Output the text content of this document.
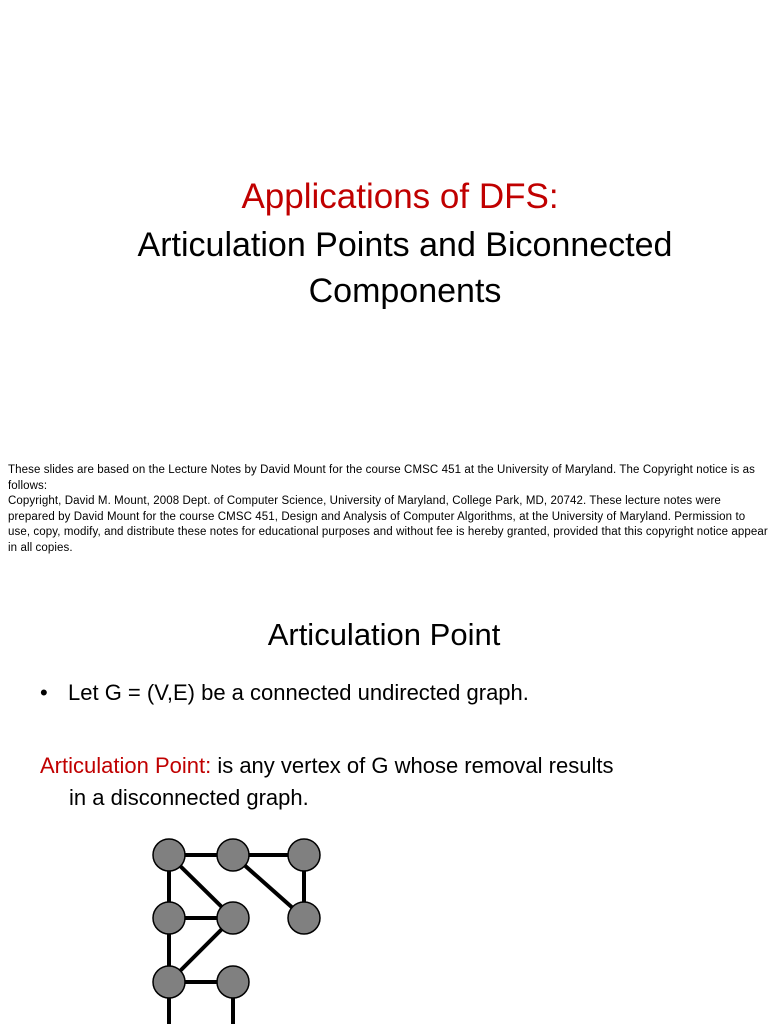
Applications of DFS:
Articulation Points and Biconnected
Components

These slides are based on the Lecture Notes by David Mount for the course CMSC 451 at the University of Maryland. The Copyright notice is as follows:

Copyright, David M. Mount, 2008 Dept. of Computer Science, University of Maryland, College Park, MD, 20742. These lecture notes were prepared by David Mount for the course CMSC 451, Design and Analysis of Computer Algorithms, at the University of Maryland. Permission to use, copy, modify, and distribute these notes for educational purposes and without fee is hereby granted, provided that this copyright notice appear in all copies.

Articulation Point
• Let G = (V,E) be a connected undirected graph.
Articulation Point: is any vertex of G whose removal results
in a disconnected graph.
